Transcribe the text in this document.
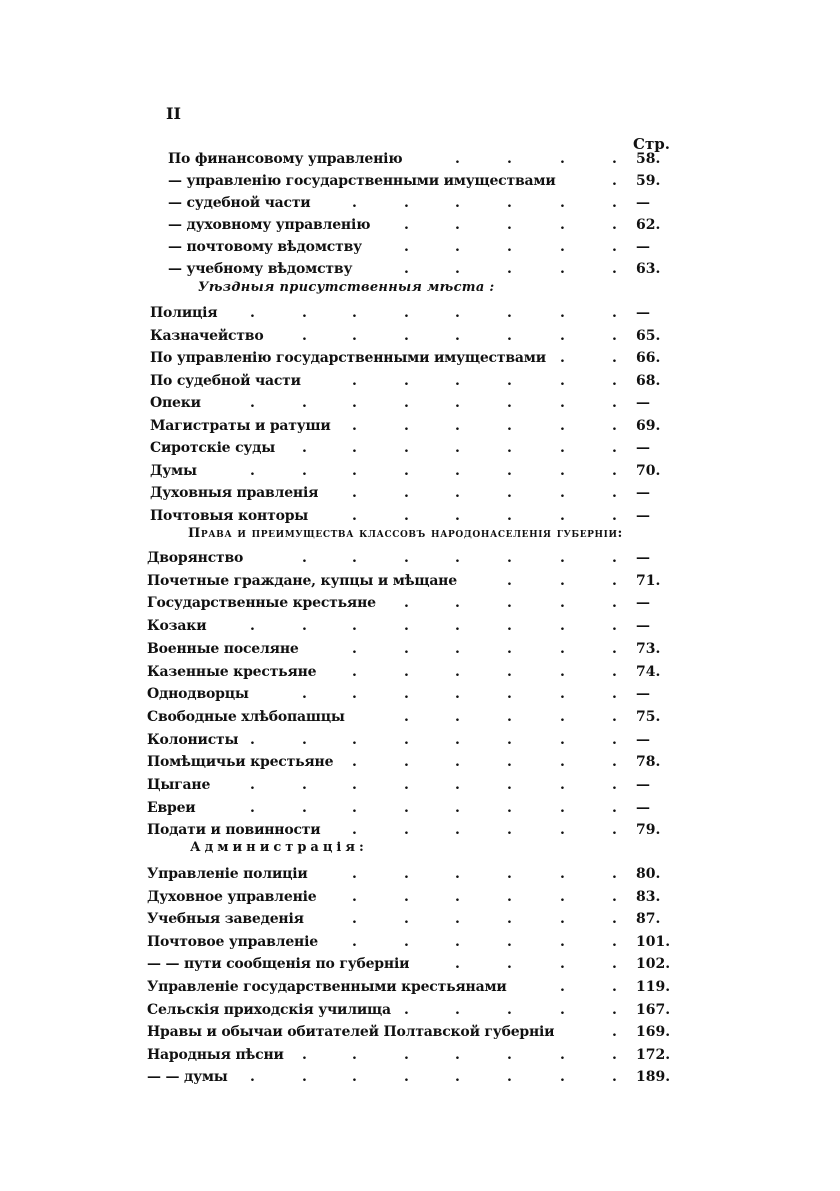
II
Стр.
По финансовому управленію	.	.	.	. 58.
— управленію государственными имуществами	. 59.
— судебной части	.	.	.	.	.	. —
— духовному управленію .	.	.	.	. 62.
— почтовому вѣдомству	.	.	.	.	. —
— учебному вѣдомству	.	.	.	.	. 63.
Уѣздныя присутственныя мѣста :
Полиція .	.	.	.	.	.	.	. —
Казначейство	.	.	.	.	.	.	. 65.
По управленію государственными имуществами .	. 66.
По судебной части	.	.	.	.	.	. 68.
Опеки	.	.	.	.	.	.	.	. —
Магистраты и ратуши .	.	.	.	.	. 69.
Сиротскіе суды .	.	.	.	.	.	. —
Думы	.	.	.	.	.	.	.	. 70.
Духовныя правленія .	.	.	.	.	. —
Почтовыя конторы	.	.	.	.	.	. —
Права и преимущества классовъ народонаселенія губерніи:
Дворянство	.	.	.	.	.	.	. —
Почетные граждане, купцы и мѣщане	.	.	. 71.
Государственные крестьяне .	.	.	.	. —
Козаки	.	.	.	.	.	.	.	. —
Военные поселяне	.	.	.	.	.	. 73.
Казенные крестьяне	.	.	.	.	.	. 74.
Однодворцы	.	.	.	.	.	.	. —
Свободные хлѣбопашцы	.	.	.	.	. 75.
Колонисты .	.	.	.	.	.	.	. —
Помѣщичьи крестьяне .	.	.	.	.	. 78.
Цыгане	.	.	.	.	.	.	.	. —
Евреи	.	.	.	.	.	.	.	. —
Подати и повинности .	.	.	.	.	. 79.
Администрація:
Управленіе полиціи	.	.	.	.	.	. 80.
Духовное управленіе	.	.	.	.	.	. 83.
Учебныя заведенія	.	.	.	.	.	. 87.
Почтовое управленіе .	.	.	.	.	. 101.
— — пути сообщенія по губерніи	.	.	.	. 102.
Управленіе государственными крестьянами	.	. 119.
Сельскія приходскія училища .	.	.	.	. 167.
Нравы и обычаи обитателей Полтавской губерніи	. 169.
Народныя пѣсни .	.	.	.	.	.	. 172.
— — думы .	.	.	.	.	.	.	. 189.
